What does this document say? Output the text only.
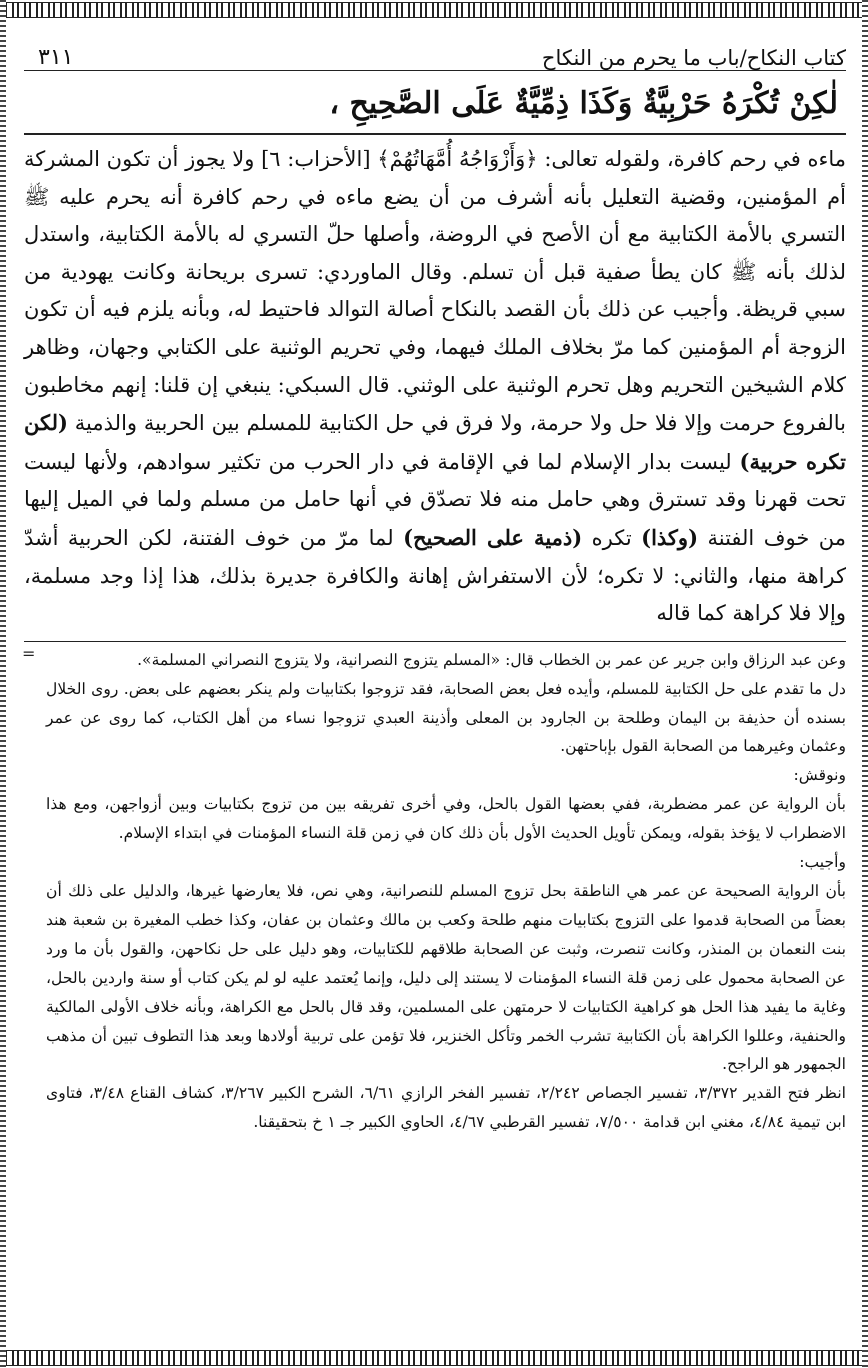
كتاب النكاح/باب ما يحرم من النكاح
٣١١
لٰكِنْ تُكْرَهُ حَرْبِيَّةٌ وَكَذَا ذِمِّيَّةٌ عَلَى الصَّحِيحِ ،

ماءه في رحم كافرة، ولقوله تعالى: ﴿وَأَزْوَاجُهُ أُمَّهَاتُهُمْ﴾ [الأحزاب: ٦] ولا يجوز أن تكون المشركة أم المؤمنين، وقضية التعليل بأنه أشرف من أن يضع ماءه في رحم كافرة أنه يحرم عليه ﷺ التسري بالأمة الكتابية مع أن الأصح في الروضة، وأصلها حلّ التسري له بالأمة الكتابية، واستدل لذلك بأنه ﷺ كان يطأ صفية قبل أن تسلم. وقال الماوردي: تسرى بريحانة وكانت يهودية من سبي قريظة. وأجيب عن ذلك بأن القصد بالنكاح أصالة التوالد فاحتيط له، وبأنه يلزم فيه أن تكون الزوجة أم المؤمنين كما مرّ بخلاف الملك فيهما، وفي تحريم الوثنية على الكتابي وجهان، وظاهر كلام الشيخين التحريم وهل تحرم الوثنية على الوثني. قال السبكي: ينبغي إن قلنا: إنهم مخاطبون بالفروع حرمت وإلا فلا حل ولا حرمة، ولا فرق في حل الكتابية للمسلم بين الحربية والذمية (لكن تكره حربية) ليست بدار الإسلام لما في الإقامة في دار الحرب من تكثير سوادهم، ولأنها ليست تحت قهرنا وقد تسترق وهي حامل منه فلا تصدّق في أنها حامل من مسلم ولما في الميل إليها من خوف الفتنة (وكذا) تكره (ذمية على الصحيح) لما مرّ من خوف الفتنة، لكن الحربية أشدّ كراهة منها، والثاني: لا تكره؛ لأن الاستفراش إهانة والكافرة جديرة بذلك، هذا إذا وجد مسلمة، وإلا فلا كراهة كما قاله

=	وعن عبد الرزاق وابن جرير عن عمر بن الخطاب قال: «المسلم يتزوج النصرانية، ولا يتزوج النصراني المسلمة».

دل ما تقدم على حل الكتابية للمسلم، وأيده فعل بعض الصحابة، فقد تزوجوا بكتابيات ولم ينكر بعضهم على بعض. روى الخلال بسنده أن حذيفة بن اليمان وطلحة بن الجارود بن المعلى وأذينة العبدي تزوجوا نساء من أهل الكتاب، كما روى عن عمر وعثمان وغيرهما من الصحابة القول بإباحتهن.

ونوقش:

بأن الرواية عن عمر مضطربة، ففي بعضها القول بالحل، وفي أخرى تفريقه بين من تزوج بكتابيات وبين أزواجهن، ومع هذا الاضطراب لا يؤخذ بقوله، ويمكن تأويل الحديث الأول بأن ذلك كان في زمن قلة النساء المؤمنات في ابتداء الإسلام.

وأجيب:

بأن الرواية الصحيحة عن عمر هي الناطقة بحل تزوج المسلم للنصرانية، وهي نص، فلا يعارضها غيرها، والدليل على ذلك أن بعضاً من الصحابة قدموا على التزوج بكتابيات منهم طلحة وكعب بن مالك وعثمان بن عفان، وكذا خطب المغيرة بن شعبة هند بنت النعمان بن المنذر، وكانت تنصرت، وثبت عن الصحابة طلاقهم للكتابيات، وهو دليل على حل نكاحهن، والقول بأن ما ورد عن الصحابة محمول على زمن قلة النساء المؤمنات لا يستند إلى دليل، وإنما يُعتمد عليه لو لم يكن كتاب أو سنة واردين بالحل، وغاية ما يفيد هذا الحل هو كراهية الكتابيات لا حرمتهن على المسلمين، وقد قال بالحل مع الكراهة، وبأنه خلاف الأولى المالكية والحنفية، وعللوا الكراهة بأن الكتابية تشرب الخمر وتأكل الخنزير، فلا تؤمن على تربية أولادها وبعد هذا التطوف تبين أن مذهب الجمهور هو الراجح.

انظر فتح القدير ٣/٣٧٢، تفسير الجصاص ٢/٢٤٢، تفسير الفخر الرازي ٦/٦١، الشرح الكبير ٣/٢٦٧، كشاف القناع ٣/٤٨، فتاوى ابن تيمية ٤/٨٤، مغني ابن قدامة ٧/٥٠٠، تفسير القرطبي ٤/٦٧، الحاوي الكبير جـ ١ خ بتحقيقنا.
